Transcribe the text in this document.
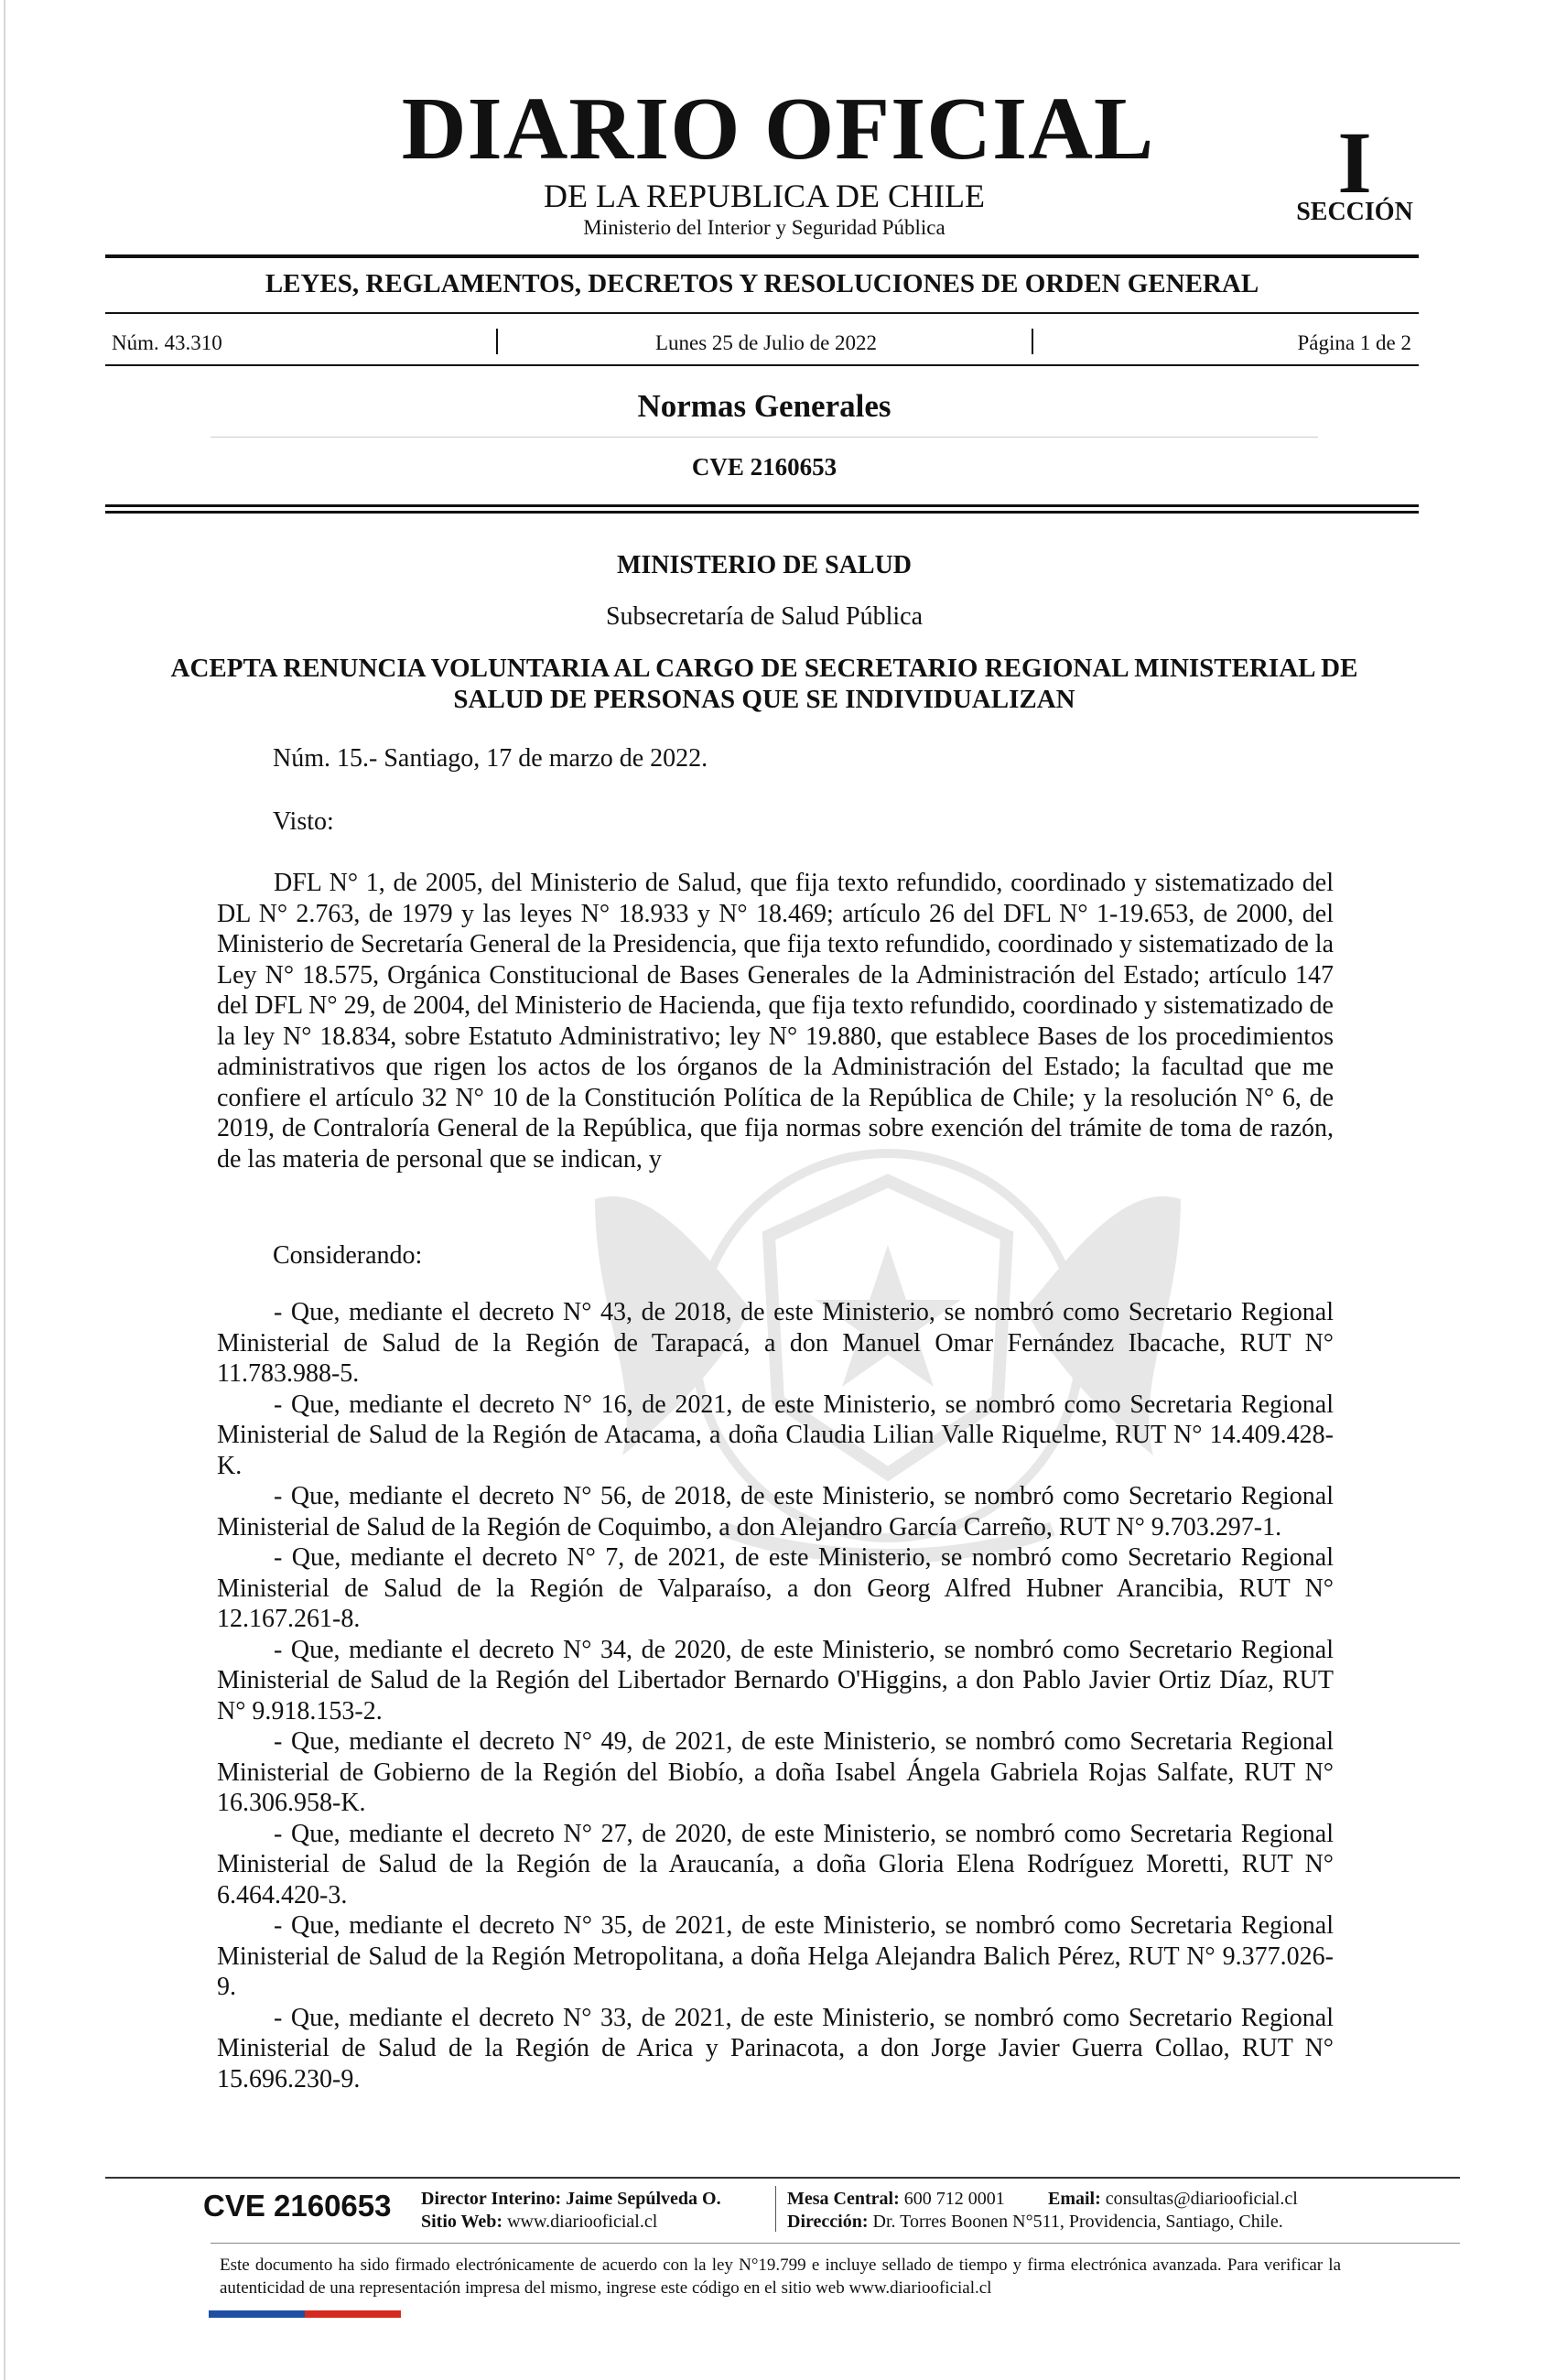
DIARIO OFICIAL
DE LA REPUBLICA DE CHILE
Ministerio del Interior y Seguridad Pública
I
SECCIÓN
LEYES, REGLAMENTOS, DECRETOS Y RESOLUCIONES DE ORDEN GENERAL
Núm. 43.310	Lunes 25 de Julio de 2022	Página 1 de 2
Normas Generales
CVE 2160653
MINISTERIO DE SALUD
Subsecretaría de Salud Pública
ACEPTA RENUNCIA VOLUNTARIA AL CARGO DE SECRETARIO REGIONAL MINISTERIAL DE SALUD DE PERSONAS QUE SE INDIVIDUALIZAN
Núm. 15.- Santiago, 17 de marzo de 2022.
Visto:

DFL N° 1, de 2005, del Ministerio de Salud, que fija texto refundido, coordinado y sistematizado del DL N° 2.763, de 1979 y las leyes N° 18.933 y N° 18.469; artículo 26 del DFL N° 1-19.653, de 2000, del Ministerio de Secretaría General de la Presidencia, que fija texto refundido, coordinado y sistematizado de la Ley N° 18.575, Orgánica Constitucional de Bases Generales de la Administración del Estado; artículo 147 del DFL N° 29, de 2004, del Ministerio de Hacienda, que fija texto refundido, coordinado y sistematizado de la ley N° 18.834, sobre Estatuto Administrativo; ley N° 19.880, que establece Bases de los procedimientos administrativos que rigen los actos de los órganos de la Administración del Estado; la facultad que me confiere el artículo 32 N° 10 de la Constitución Política de la República de Chile; y la resolución N° 6, de 2019, de Contraloría General de la República, que fija normas sobre exención del trámite de toma de razón, de las materia de personal que se indican, y

Considerando:

- Que, mediante el decreto N° 43, de 2018, de este Ministerio, se nombró como Secretario Regional Ministerial de Salud de la Región de Tarapacá, a don Manuel Omar Fernández Ibacache, RUT N° 11.783.988-5.

- Que, mediante el decreto N° 16, de 2021, de este Ministerio, se nombró como Secretaria Regional Ministerial de Salud de la Región de Atacama, a doña Claudia Lilian Valle Riquelme, RUT N° 14.409.428-K.

- Que, mediante el decreto N° 56, de 2018, de este Ministerio, se nombró como Secretario Regional Ministerial de Salud de la Región de Coquimbo, a don Alejandro García Carreño, RUT N° 9.703.297-1.

- Que, mediante el decreto N° 7, de 2021, de este Ministerio, se nombró como Secretario Regional Ministerial de Salud de la Región de Valparaíso, a don Georg Alfred Hubner Arancibia, RUT N° 12.167.261-8.

- Que, mediante el decreto N° 34, de 2020, de este Ministerio, se nombró como Secretario Regional Ministerial de Salud de la Región del Libertador Bernardo O'Higgins, a don Pablo Javier Ortiz Díaz, RUT N° 9.918.153-2.

- Que, mediante el decreto N° 49, de 2021, de este Ministerio, se nombró como Secretaria Regional Ministerial de Gobierno de la Región del Biobío, a doña Isabel Ángela Gabriela Rojas Salfate, RUT N° 16.306.958-K.

- Que, mediante el decreto N° 27, de 2020, de este Ministerio, se nombró como Secretaria Regional Ministerial de Salud de la Región de la Araucanía, a doña Gloria Elena Rodríguez Moretti, RUT N° 6.464.420-3.

- Que, mediante el decreto N° 35, de 2021, de este Ministerio, se nombró como Secretaria Regional Ministerial de Salud de la Región Metropolitana, a doña Helga Alejandra Balich Pérez, RUT N° 9.377.026-9.

- Que, mediante el decreto N° 33, de 2021, de este Ministerio, se nombró como Secretario Regional Ministerial de Salud de la Región de Arica y Parinacota, a don Jorge Javier Guerra Collao, RUT N° 15.696.230-9.

CVE 2160653 Director Interino: Jaime Sepúlveda O.
Sitio Web: www.diariooficial.cl
Mesa Central: 600 712 0001
Dirección: Dr. Torres Boonen N°511, Providencia, Santiago, Chile.
Email: consultas@diariooficial.cl
Este documento ha sido firmado electrónicamente de acuerdo con la ley N°19.799 e incluye sellado de tiempo y firma electrónica avanzada. Para verificar la autenticidad de una representación impresa del mismo, ingrese este código en el sitio web www.diariooficial.cl
